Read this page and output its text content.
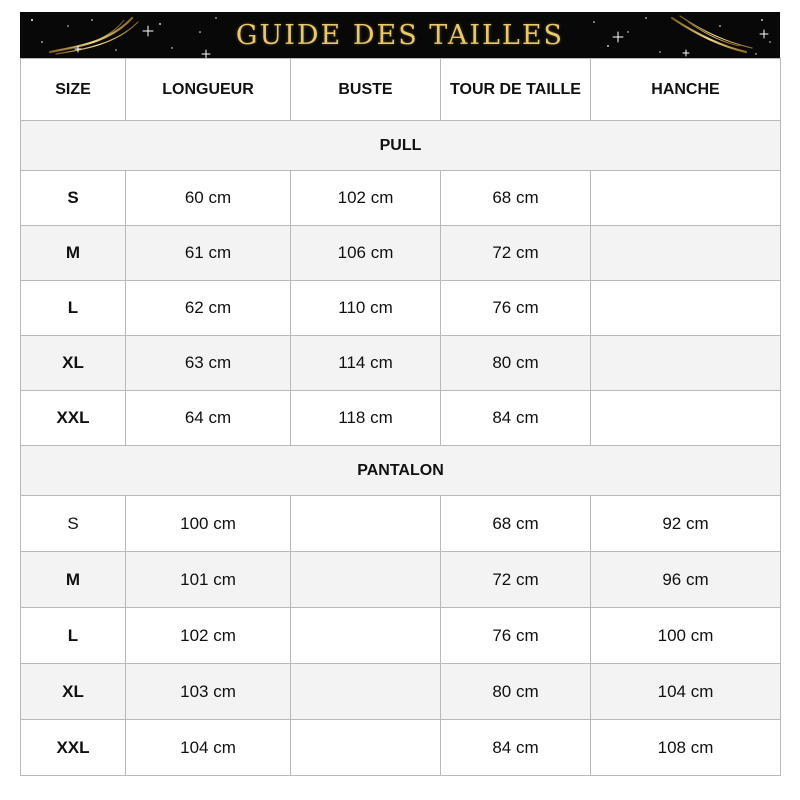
GUIDE DES TAILLES
SIZE	LONGUEUR	BUSTE	TOUR DE TAILLE	HANCHE
PULL				
S	60 cm	102 cm	68 cm	
M	61 cm	106 cm	72 cm	
L	62 cm	110 cm	76 cm	
XL	63 cm	114 cm	80 cm	
XXL	64 cm	118 cm	84 cm	
PANTALON				
S	100 cm		68 cm	92 cm
M	101 cm		72 cm	96 cm
L	102 cm		76 cm	100 cm
XL	103 cm		80 cm	104 cm
XXL	104 cm		84 cm	108 cm
